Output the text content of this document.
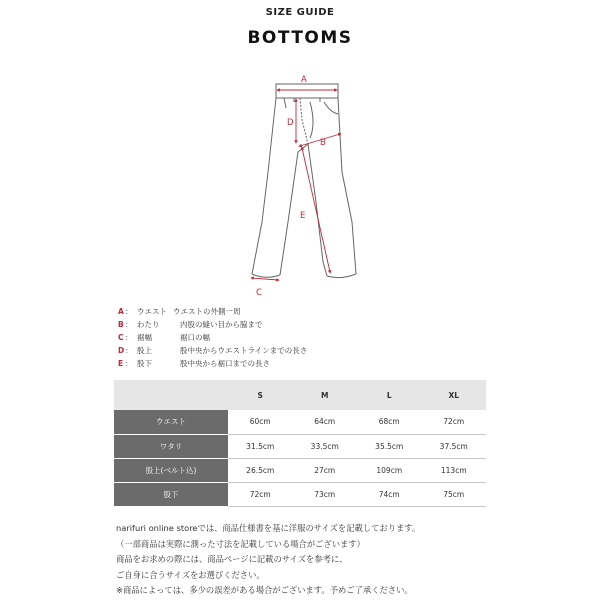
SIZE GUIDE
BOTTOMS
A
D
B
E
C
A ： ウエスト ウエストの外側一周
B ： わたり	内股の縫い目から脇まで
C ： 裾幅	裾口の幅
D ： 股上	股中央からウエストラインまでの長さ
E ： 股下	股中央から裾口までの長さ
	S	M	L	XL
ウエスト	60cm	64cm	68cm	72cm
ワタリ	31.5cm	33.5cm	35.5cm	37.5cm
股上(ベルト込)	26.5cm	27cm	109cm	113cm
股下	72cm	73cm	74cm	75cm
narifuri online storeでは、商品仕様書を基に洋服のサイズを記載しております。
（一部商品は実際に測った寸法を記載している場合がございます）
商品をお求めの際には、商品ページに記載のサイズを参考に、
ご自身に合うサイズをお選びください。
※商品によっては、多少の誤差がある場合がございます。予めご了承ください。
